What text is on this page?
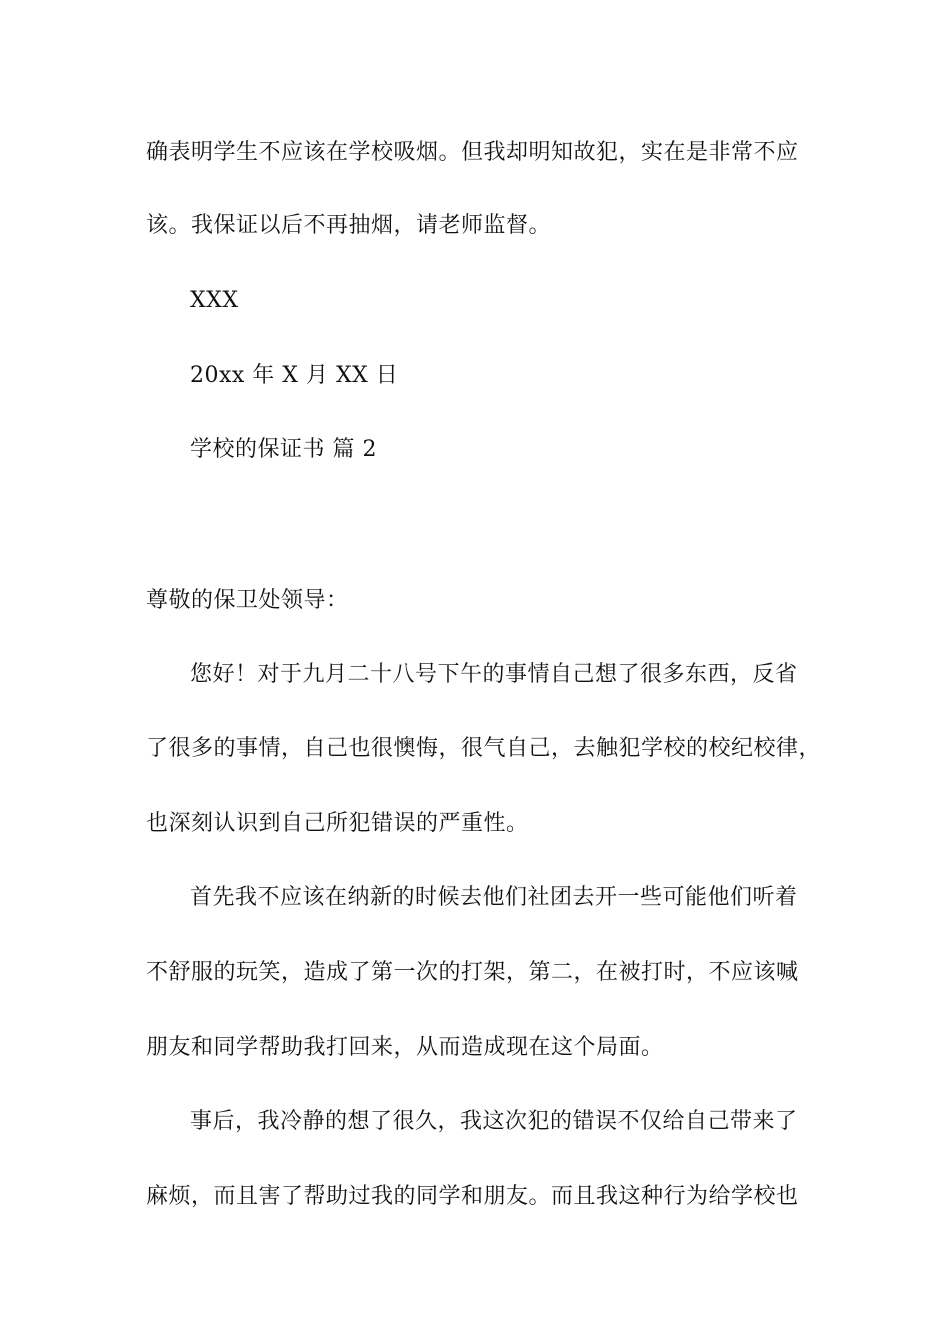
确表明学生不应该在学校吸烟。但我却明知故犯，实在是非常不应
该。我保证以后不再抽烟，请老师监督。
XXX
20xx 年 X 月 XX 日
学校的保证书 篇 2
尊敬的保卫处领导：
您好！对于九月二十八号下午的事情自己想了很多东西，反省
了很多的事情，自己也很懊悔，很气自己，去触犯学校的校纪校律，
也深刻认识到自己所犯错误的严重性。
首先我不应该在纳新的时候去他们社团去开一些可能他们听着
不舒服的玩笑，造成了第一次的打架，第二，在被打时，不应该喊
朋友和同学帮助我打回来，从而造成现在这个局面。
事后，我冷静的想了很久，我这次犯的错误不仅给自己带来了
麻烦，而且害了帮助过我的同学和朋友。而且我这种行为给学校也
